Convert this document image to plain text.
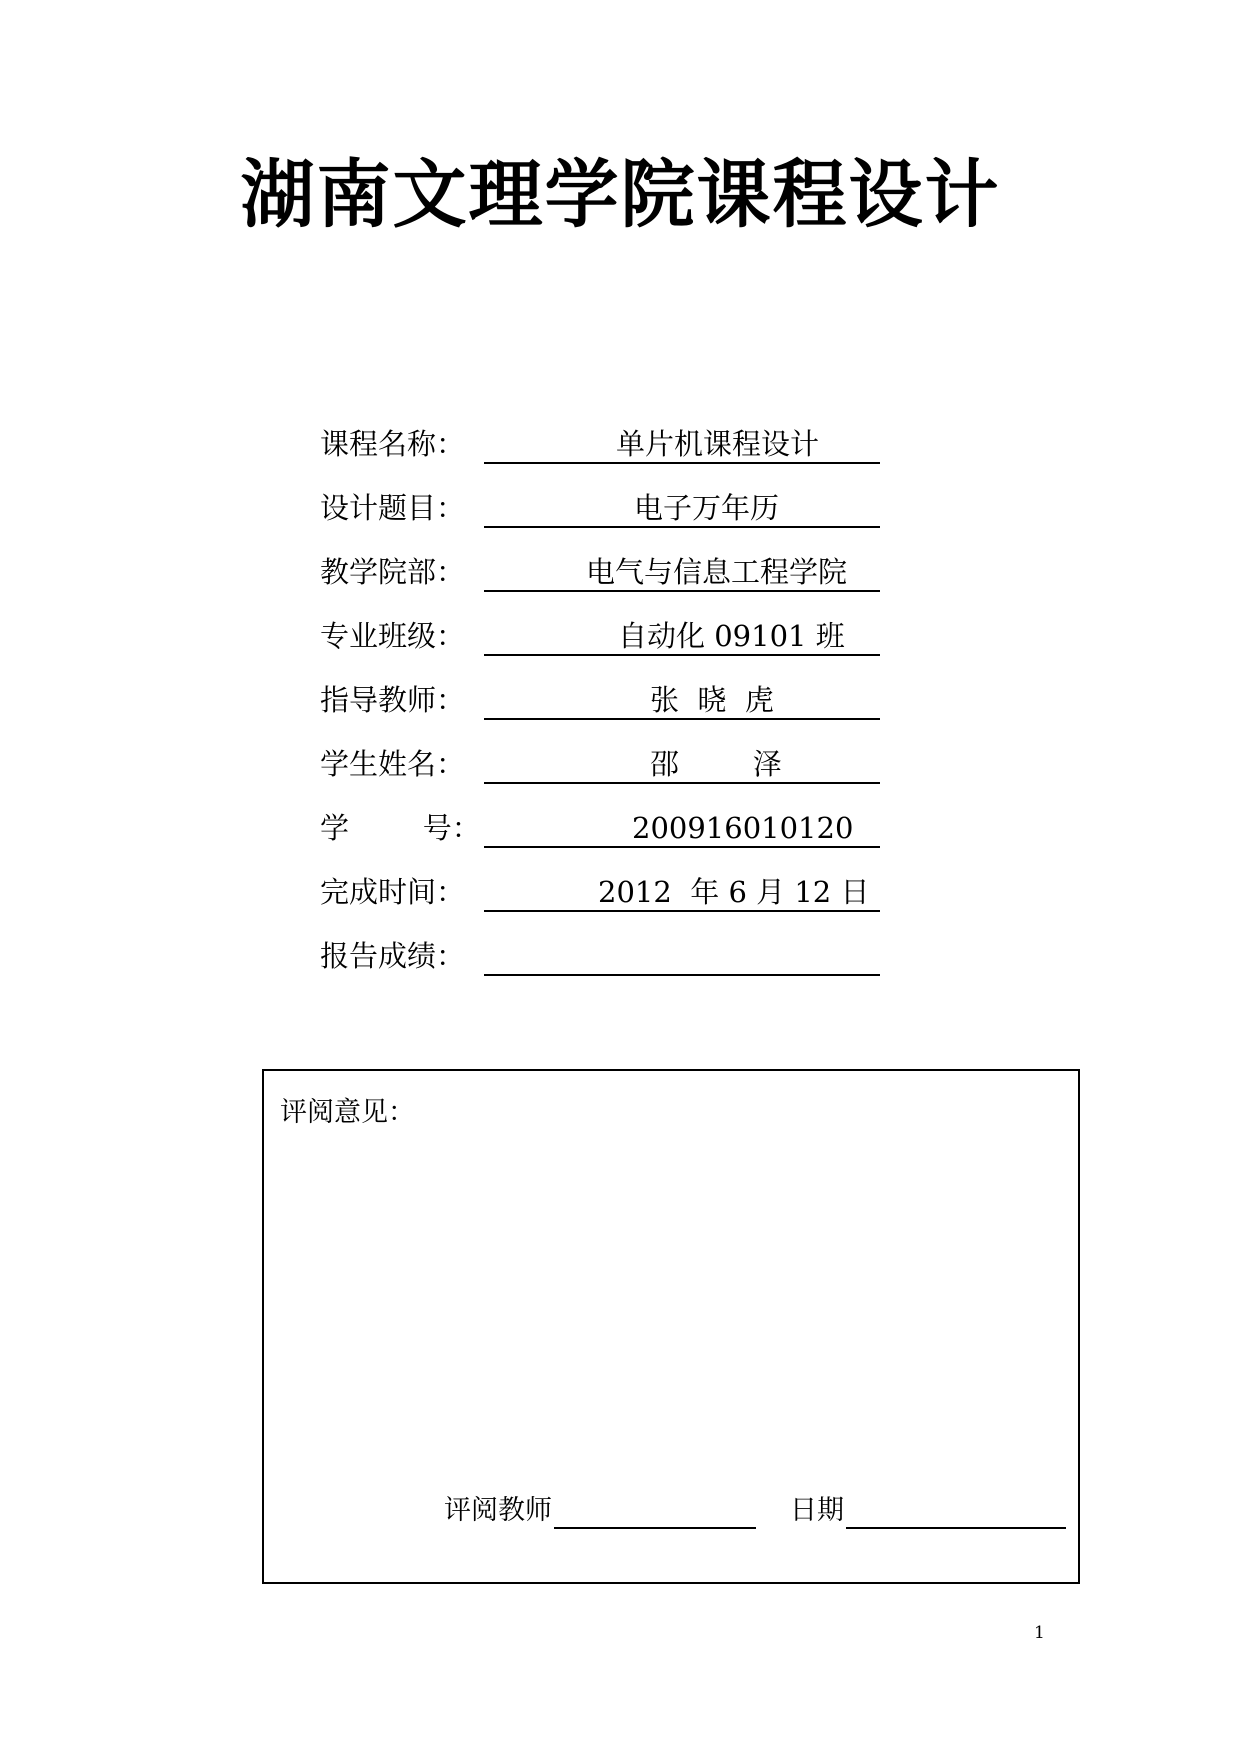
湖南文理学院课程设计
课程名称：	单片机课程设计
设计题目：	电子万年历
教学院部：	电气与信息工程学院
专业班级：	自动化 09101 班
指导教师：	张  晓  虎
学生姓名：	邵        泽
学        号：	200916010120
完成时间：	2012  年 6 月 12 日
报告成绩：
评阅意见：
评阅教师	日期
1
